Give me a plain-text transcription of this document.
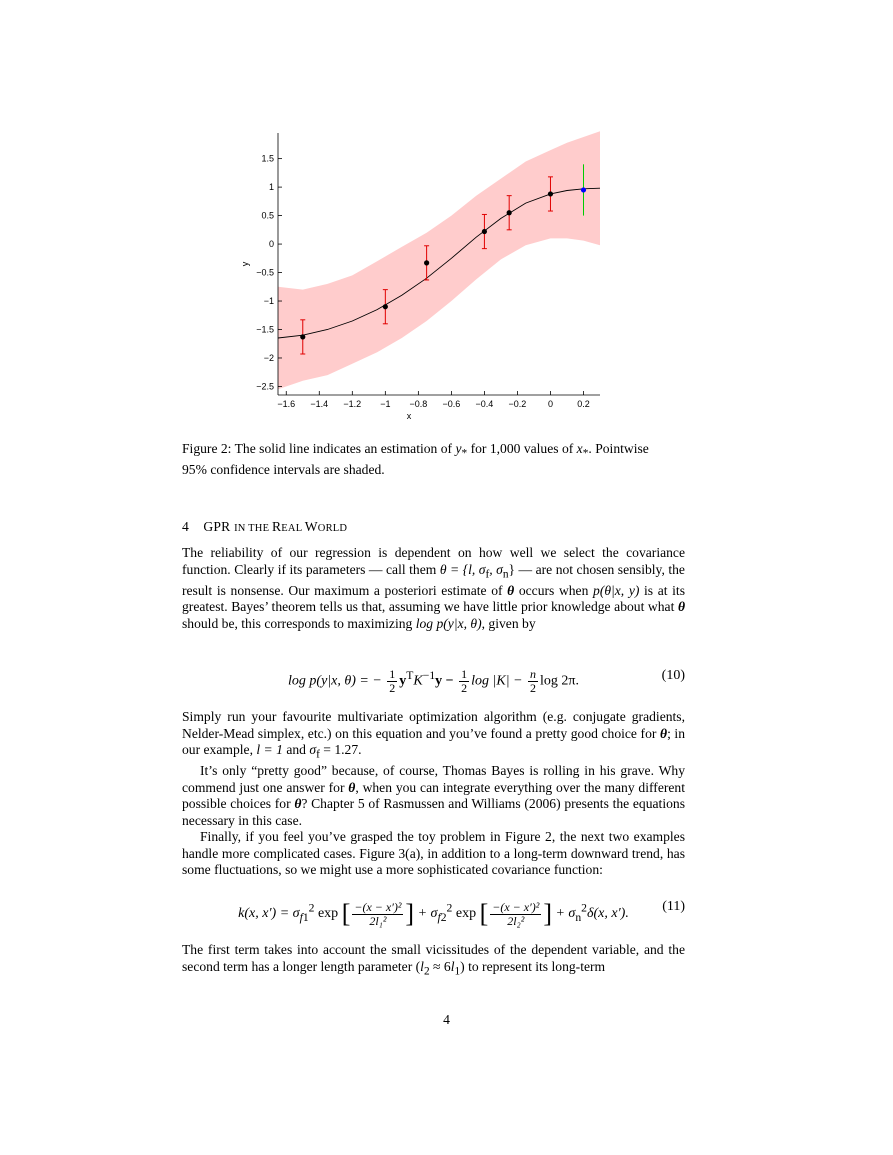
−1.6 −1.4 −1.2 −1 −0.8 −0.6 −0.4 −0.2 0	0.2
1.5
1
0.5
0
−0.5
−1
−1.5
−2
−2.5
x
y

Figure 2: The solid line indicates an estimation of $y_*$ for 1,000 values of $x_*$. Pointwise
95% confidence intervals are shaded.

4 GPR IN THE REAL WORLD

The reliability of our regression is dependent on how well we select the covariance function. Clearly if its parameters — call them θ = {l, $\sigma_f$, $\sigma_n$} — are not chosen sensibly, the result is nonsense. Our maximum a posteriori estimate of θ occurs when p(θ|x, y) is at its greatest. Bayes’ theorem tells us that, assuming we have little prior knowledge about what θ should be, this corresponds to maximizing log p(y|x, θ), given by

log p(y|x, θ) = − $\frac{1}{2} y^TK^{-1}y - \frac{1}{2}$ $\log |K| - \frac{n}{2}$ log 2π.	(10)

Simply run your favourite multivariate optimization algorithm (e.g. conjugate gradients, Nelder-Mead simplex, etc.) on this equation and you’ve found a pretty good choice for θ; in our example, l = 1 and $\sigma_f = 1.27$.

It’s only “pretty good” because, of course, Thomas Bayes is rolling in his grave. Why commend just one answer for θ, when you can integrate everything over the many different possible choices for θ? Chapter 5 of Rasmussen and Williams (2006) presents the equations necessary in this case.

Finally, if you feel you’ve grasped the toy problem in Figure 2, the next two examples handle more complicated cases. Figure 3(a), in addition to a long-term downward trend, has some fluctuations, so we might use a more sophisticated covariance function:

k(x, $x') = \sigma_{f1}^2$ exp [ $\frac{\text{−(x − x′)²}}{\text{2l₁²}}$ ] + $\sigma_{f2}^2$ exp [ $\frac{\text{−(x − x′)²}}{\text{2l₂²}}$ ] + $\sigma_n^2\delta(x$, x′).	(11)

The first term takes into account the small vicissitudes of the dependent variable, and the second term has a longer length parameter $(l_2 \approx 6l_1)$ to represent its long-term

4
